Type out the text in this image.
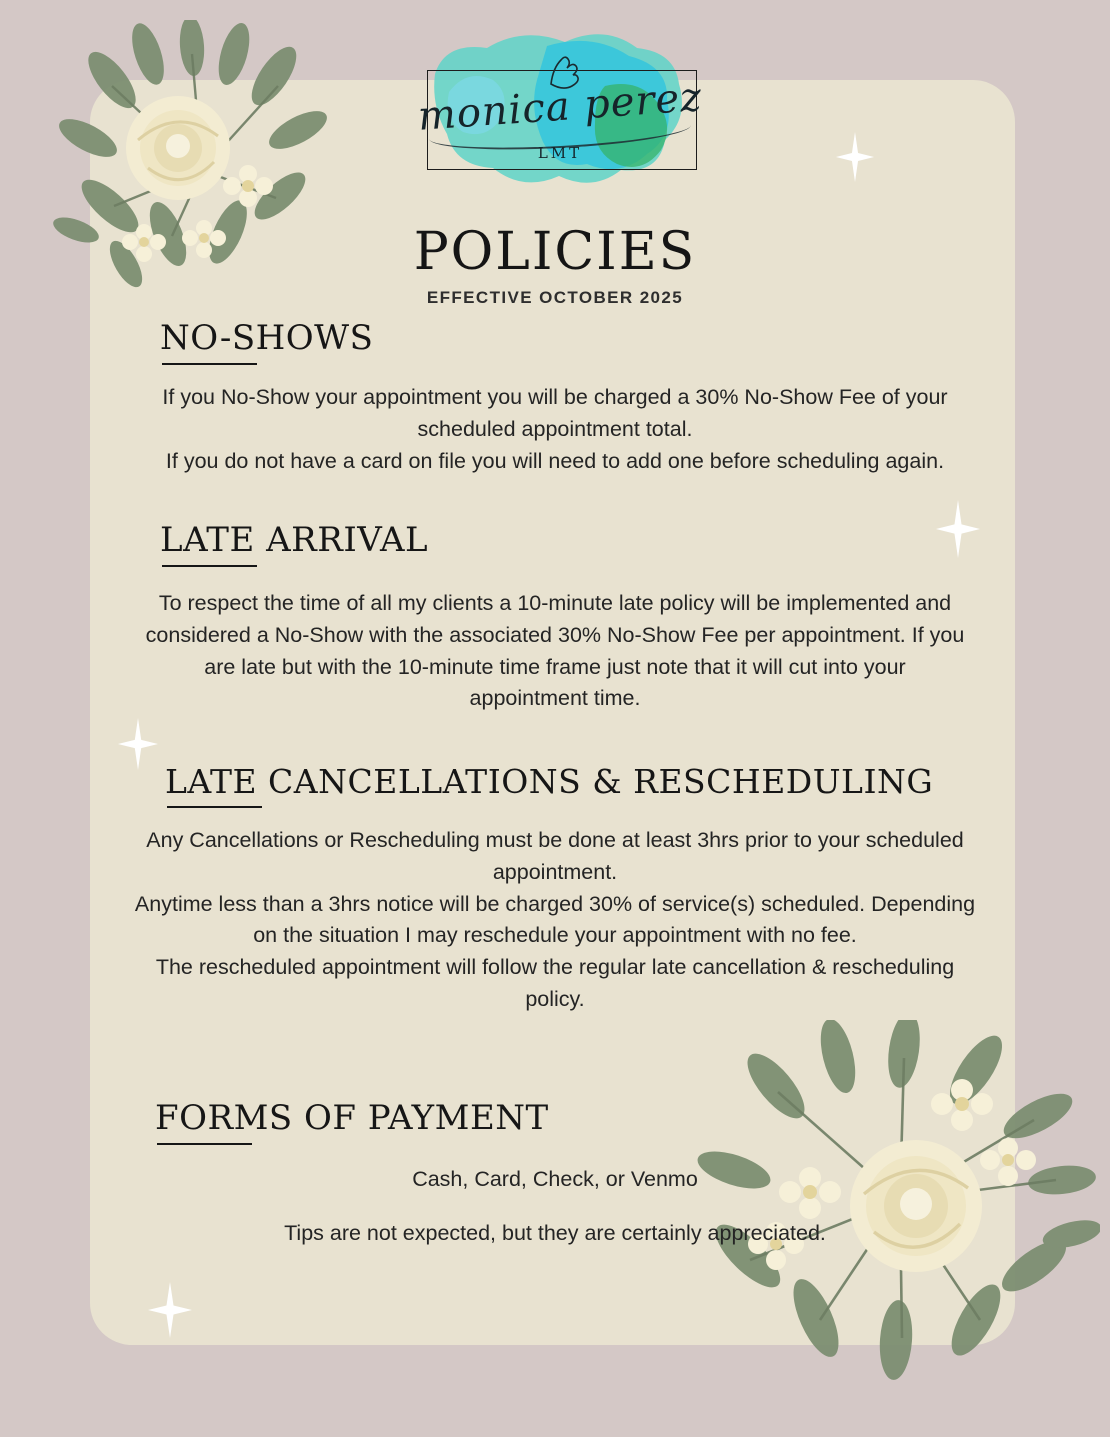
monica perez
LMT
POLICIES
EFFECTIVE OCTOBER 2025
NO-SHOWS
If you No-Show your appointment you will be charged a 30% No-Show Fee of your scheduled appointment total.
If you do not have a card on file you will need to add one before scheduling again.
LATE ARRIVAL
To respect the time of all my clients a 10-minute late policy will be implemented and considered a No-Show with the associated 30% No-Show Fee per appointment. If you are late but with the 10-minute time frame just note that it will cut into your appointment time.
LATE CANCELLATIONS & RESCHEDULING
Any Cancellations or Rescheduling must be done at least 3hrs prior to your scheduled appointment.
Anytime less than a 3hrs notice will be charged 30% of service(s) scheduled. Depending on the situation I may reschedule your appointment with no fee.
The rescheduled appointment will follow the regular late cancellation & rescheduling policy.
FORMS OF PAYMENT
Cash, Card, Check, or Venmo
Tips are not expected, but they are certainly appreciated.
